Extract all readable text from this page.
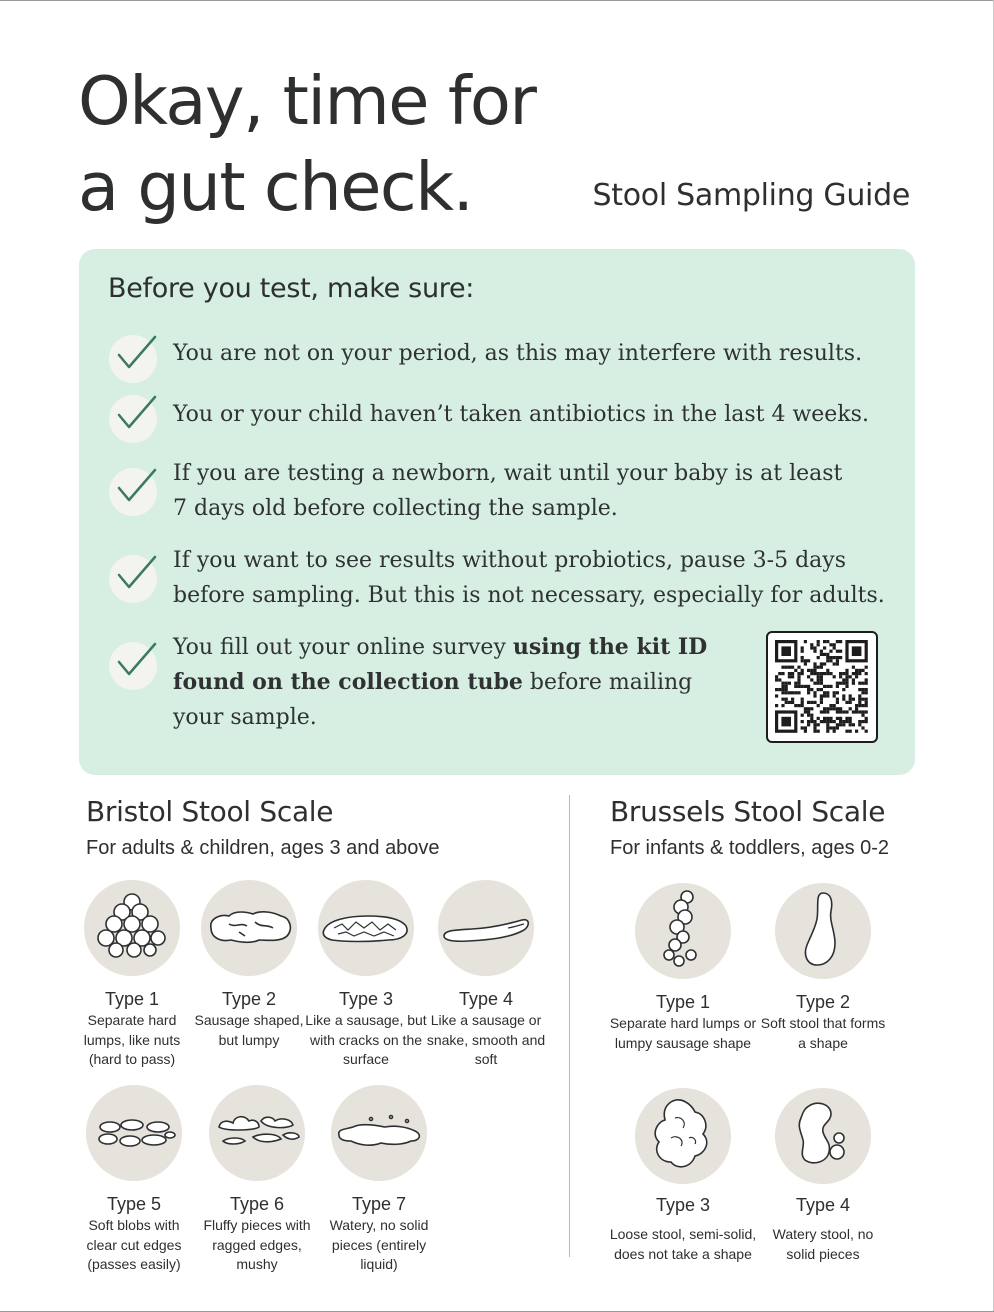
Okay, time for
a gut check.	Stool Sampling Guide
Before you test, make sure:
You are not on your period, as this may interfere with results.
You or your child haven’t taken antibiotics in the last 4 weeks.
If you are testing a newborn, wait until your baby is at least 7 days old before collecting the sample.
If you want to see results without probiotics, pause 3-5 days before sampling. But this is not necessary, especially for adults.
You fill out your online survey using the kit ID found on the collection tube before mailing your sample.
Bristol Stool Scale
For adults & children, ages 3 and above
Brussels Stool Scale
For infants & toddlers, ages 0-2
Type 1
Separate hard lumps, like nuts (hard to pass)
Type 2
Sausage shaped, but lumpy
Type 3
Like a sausage, but with cracks on the surface
Type 4
Like a sausage or snake, smooth and soft
Type 5
Soft blobs with clear cut edges (passes easily)
Type 6
Fluffy pieces with ragged edges, mushy
Type 7
Watery, no solid pieces (entirely liquid)
Type 1
Separate hard lumps or lumpy sausage shape
Type 2
Soft stool that forms a shape
Type 3
Loose stool, semi-solid, does not take a shape
Type 4
Watery stool, no solid pieces
